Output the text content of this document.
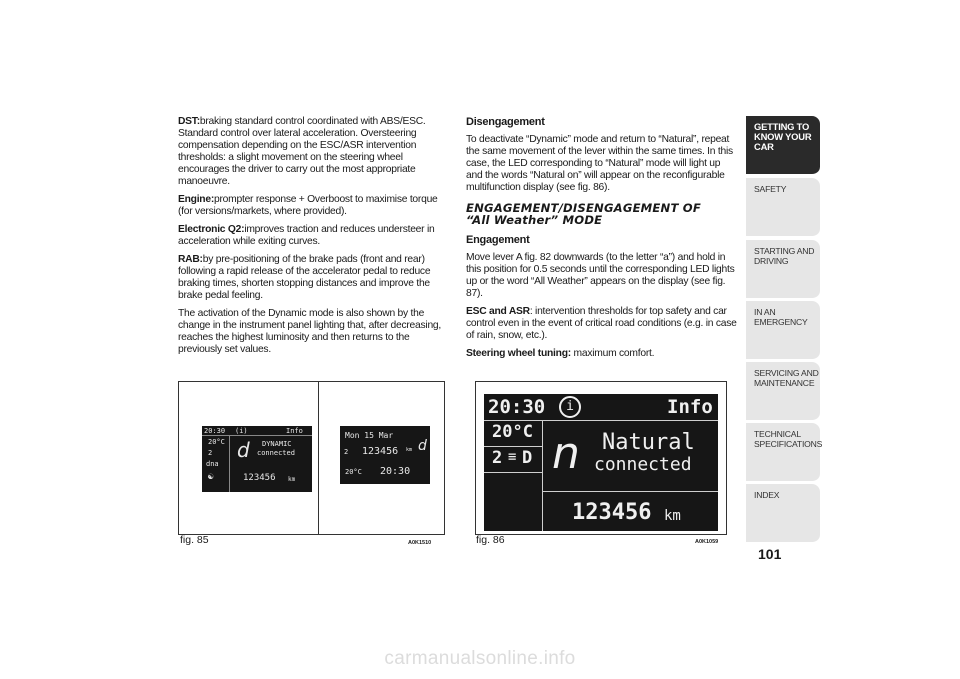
DST:braking standard control coordinated with ABS/ESC. Standard control over lateral acceleration. Oversteering compensation depending on the ESC/ASR intervention thresholds: a slight movement on the steering wheel encourages the driver to carry out the most appropriate manoeuvre.

Engine:prompter response + Overboost to maximise torque (for versions/markets, where provided).

Electronic Q2:improves traction and reduces understeer in acceleration while exiting curves.

RAB:by pre-positioning of the brake pads (front and rear) following a rapid release of the accelerator pedal to reduce braking times, shorten stopping distances and improve the brake pedal feeling.

The activation of the Dynamic mode is also shown by the change in the instrument panel lighting that, after decreasing, reaches the highest luminosity and then returns to the previously set values.

Disengagement

To deactivate “Dynamic” mode and return to “Natural”, repeat the same movement of the lever within the same times. In this case, the LED corresponding to “Natural” mode will light up and the words “Natural on” will appear on the reconfigurable multifunction display (see fig. 86).

ENGAGEMENT/DISENGAGEMENT OF
“All Weather” MODE
Engagement

Move lever A fig. 82 downwards (to the letter “a”) and hold in this position for 0.5 seconds until the corresponding LED lights up or the word “All Weather” appears on the display (see fig. 87).

ESC and ASR: intervention thresholds for top safety and car control even in the event of critical road conditions (e.g. in case of rain, snow, etc.).

Steering wheel tuning: maximum comfort.

20:30 (i)	Info
20°C
2
dna
☯
d DYNAMIC
connected
123456 km
Mon 15 Mar
2 123456 km d
20°C 20:30
fig. 85	A0K1510
20:30	i	Info
20°C
2 ≡ D n Natural
connected
123456 km
fig. 86	A0K1059
GETTING TO
KNOW YOUR CAR
SAFETY
STARTING AND
DRIVING
IN AN EMERGENCY
SERVICING AND
MAINTENANCE
TECHNICAL
SPECIFICATIONS
INDEX
101
carmanualsonline.info
